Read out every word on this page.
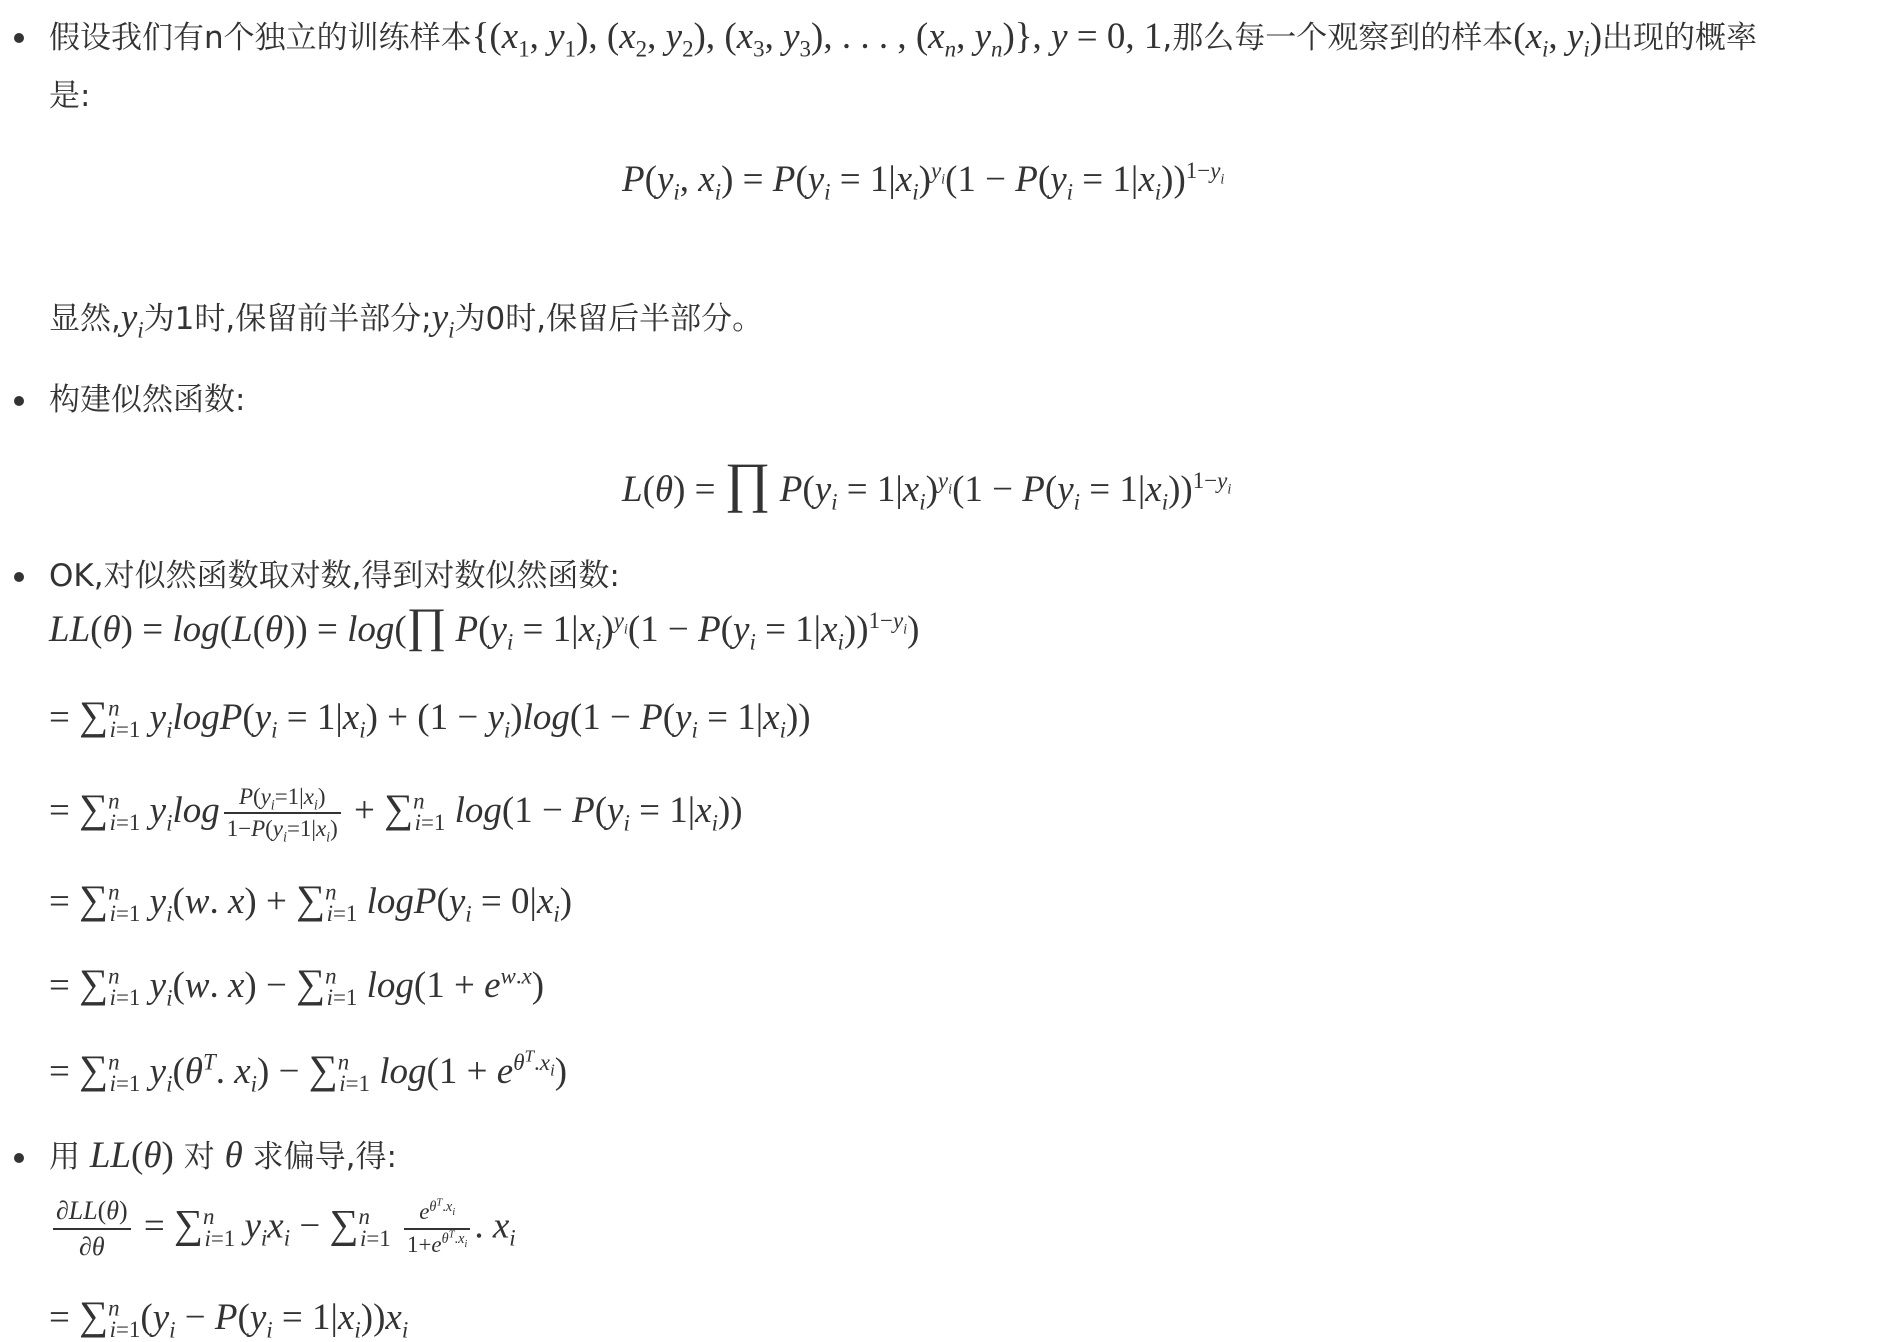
假设我们有n个独立的训练样本{($x_1$, $y_1$), ($x_2$, $y_2$), ($x_3$, $y_3$), . . . , ($x_n$, $y_n$)}, y = 0, 1,那么每一个观察到的样本($x_i$, $y_i$)出现的概率
是:
$P(y_i$, $x_i) = P(y_i = 1|x_i)^{y_i}(1 - P(y_i = 1|x_i))^{1-y_i}$
显然$,y_i$为1时,保留前半部分$;y_i$为0时,保留后半部分。
构建似然函数:
L(θ) = ∏ $P(y_i = 1|x_i)^{y_i}(1 - P(y_i = 1|x_i))^{1-y_i}$
OK,对似然函数取对数,得到对数似然函数:
LL(θ) = log(L(θ)) = log(∏ $P(y_i = 1|x_i)^{y_i}(1 - P(y_i = 1|x_i))^{1-y_i}$)
= ∑$^n_{i=1}$ $y_i\log P(y_i = 1|x_i) + (1 - y_i)\log(1 - P(y_i = 1|x_i))$
= ∑$^n_{i=1}$ $y_i\log \frac{P(y_i=1|x_i)}{1-P(y_i=1|x_i)} + \sum^n_{i=1}$ $\log(1 - P(y_i = 1|x_i))$
= ∑$^n_{i=1}$ $y_i(w$. x) + ∑$^n_{i=1}$ $\log P(y_i = 0|x_i)$
= ∑$^n_{i=1}$ $y_i(w$. x) − ∑$^n_{i=1}$ $\log(1 + e^{w.x})$
= ∑$^n_{i=1}$ $y_i(\theta^T$. $x_i) - \sum^n_{i=1}$ $\log(1 + e^{\theta^T.x_i})$
用 LL(θ) 对 θ 求偏导,得:
$\frac{\partial LL(\theta)}{\partial\theta} = \sum^n_{i=1}$ $y_ix_i - \sum^n_{i=1} \frac{e^{\theta^T.x_i}}{1+e^{\theta^T.x_i}}$ . $x_i$
= $\sum^n_{i=1}(y_i - P(y_i = 1|x_i))x_i$
